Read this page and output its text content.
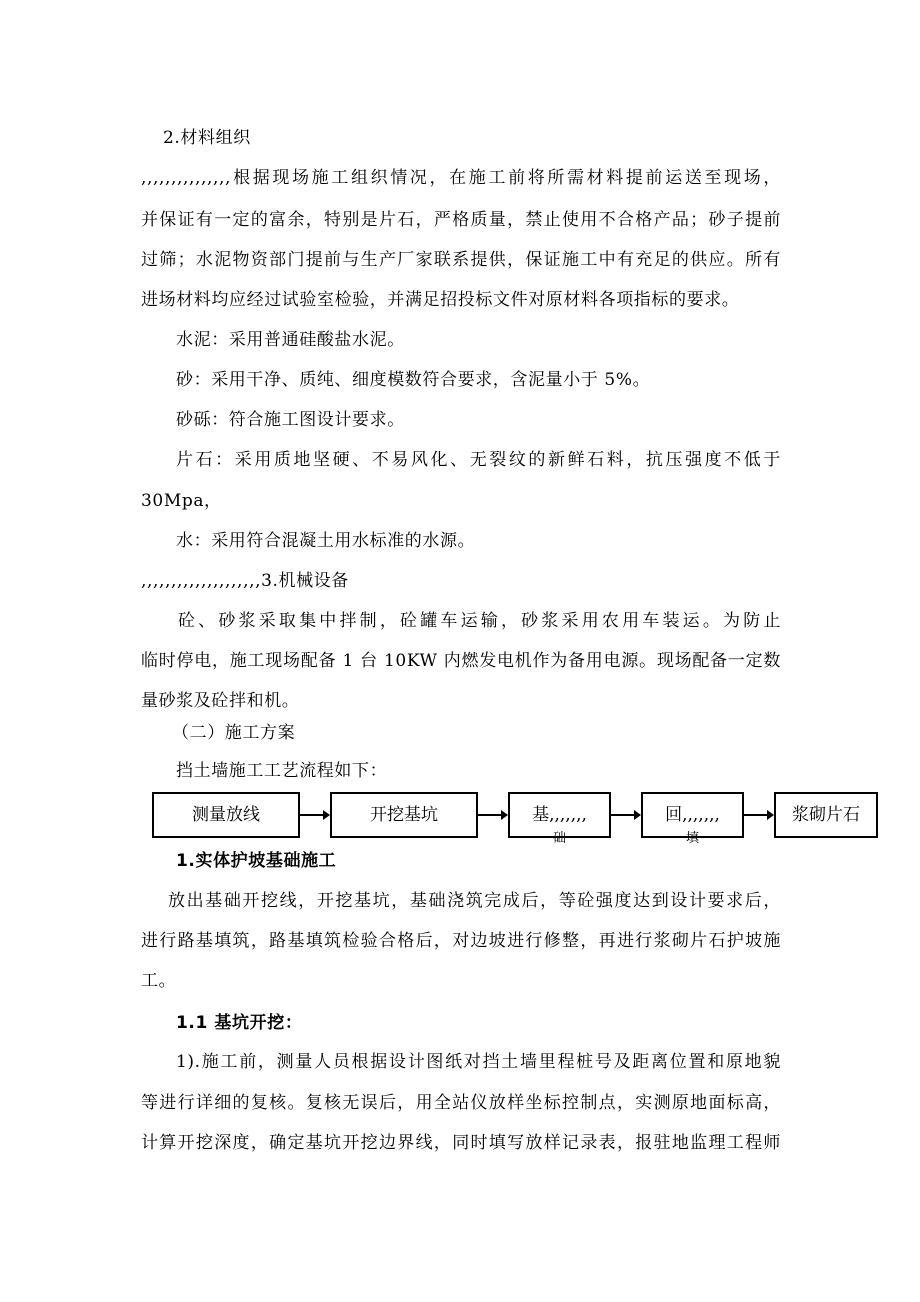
2.材料组织
,,,,,,,,,,,,,,,根据现场施工组织情况，在施工前将所需材料提前运送至现场，
并保证有一定的富余，特别是片石，严格质量，禁止使用不合格产品；砂子提前
过筛；水泥物资部门提前与生产厂家联系提供，保证施工中有充足的供应。所有
进场材料均应经过试验室检验，并满足招投标文件对原材料各项指标的要求。
水泥：采用普通硅酸盐水泥。
砂：采用干净、质纯、细度模数符合要求，含泥量小于 5%。
砂砾：符合施工图设计要求。
片石：采用质地坚硬、不易风化、无裂纹的新鲜石料，抗压强度不低于
30Mpa，
水：采用符合混凝土用水标准的水源。
,,,,,,,,,,,,,,,,,,,,3.机械设备
砼、砂浆采取集中拌制，砼罐车运输，砂浆采用农用车装运。为防止
临时停电，施工现场配备 1 台 10KW 内燃发电机作为备用电源。现场配备一定数
量砂浆及砼拌和机。
（二）施工方案
挡土墙施工工艺流程如下：
测量放线	开挖基坑	基,,,,,,,
础
回,,,,,,,
填
浆砌片石
1.实体护坡基础施工
放出基础开挖线，开挖基坑，基础浇筑完成后，等砼强度达到设计要求后，
进行路基填筑，路基填筑检验合格后，对边坡进行修整，再进行浆砌片石护坡施
工。
1.1 基坑开挖：
1).施工前，测量人员根据设计图纸对挡土墙里程桩号及距离位置和原地貌
等进行详细的复核。复核无误后，用全站仪放样坐标控制点，实测原地面标高，
计算开挖深度，确定基坑开挖边界线，同时填写放样记录表，报驻地监理工程师
